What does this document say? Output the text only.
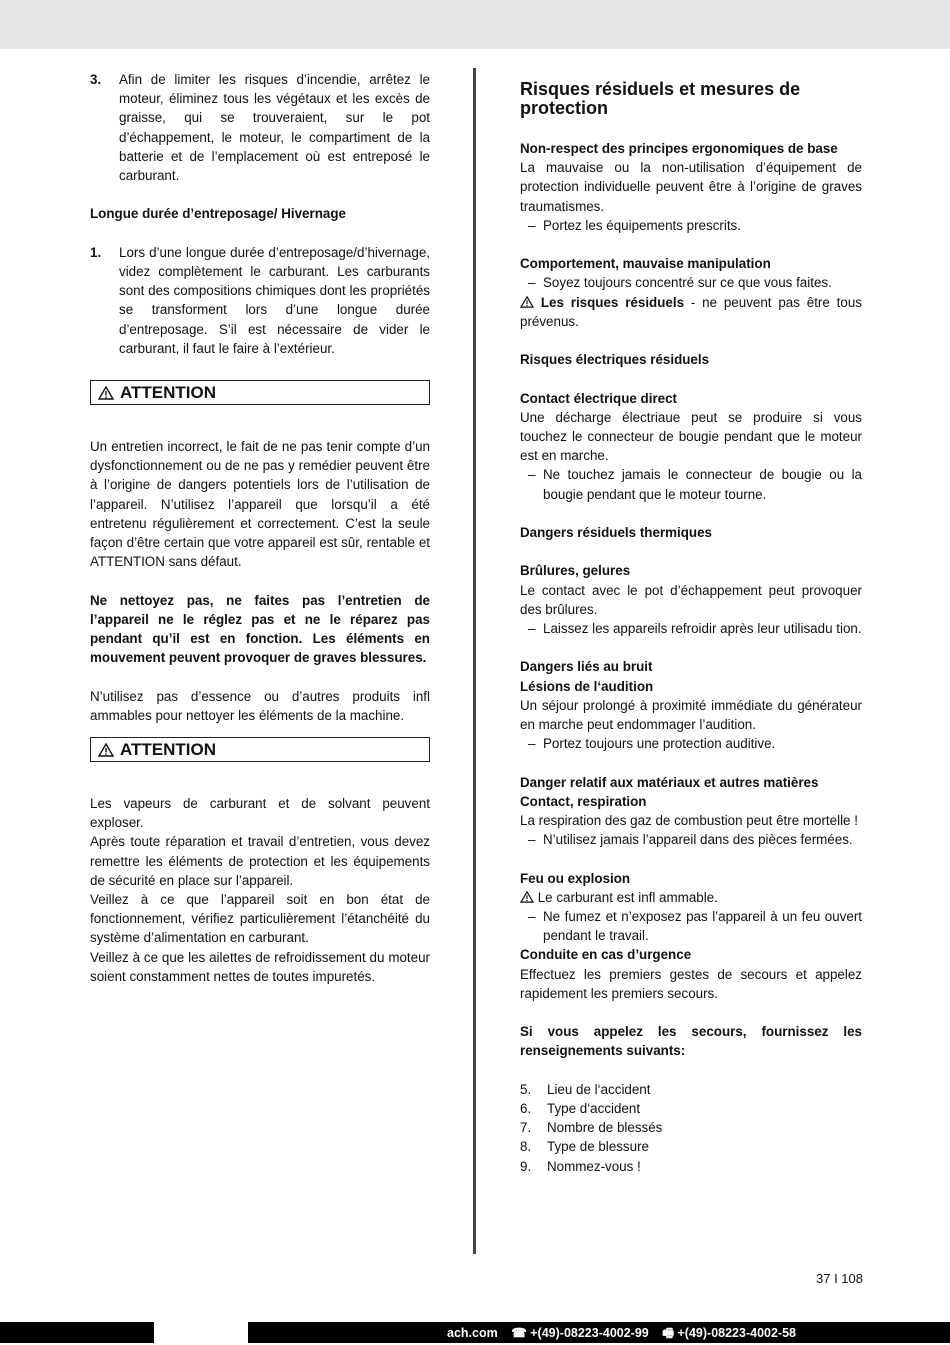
3. Afin de limiter les risques d’incendie, arrêtez le moteur, éliminez tous les végétaux et les excès de graisse, qui se trouveraient, sur le pot d’échappement, le moteur, le compartiment de la batterie et de l’emplacement où est entreposé le carburant.

Longue durée d’entreposage/ Hivernage

1. Lors d’une longue durée d’entreposage/d’hivernage, videz complètement le carburant. Les carburants sont des compositions chimiques dont les propriétés se transforment lors d’une longue durée d’entreposage. S’il est nécessaire de vider le carburant, il faut le faire à l’extérieur.
ATTENTION

Un entretien incorrect, le fait de ne pas tenir compte d’un dysfonctionnement ou de ne pas y remédier peuvent être à l’origine de dangers potentiels lors de l’utilisation de l’appareil. N’utilisez l’appareil que lorsqu’il a été entretenu régulièrement et correctement. C’est la seule façon d’être certain que votre appareil est sûr, rentable et ATTENTION sans défaut.

Ne nettoyez pas, ne faites pas l’entretien de l’appareil ne le réglez pas et ne le réparez pas pendant qu’il est en fonction. Les éléments en mouvement peuvent provoquer de graves blessures.

N’utilisez pas d’essence ou d’autres produits infl ammables pour nettoyer les éléments de la machine.

ATTENTION

Les vapeurs de carburant et de solvant peuvent exploser.

Après toute réparation et travail d’entretien, vous devez remettre les éléments de protection et les équipements de sécurité en place sur l’appareil.

Veillez à ce que l’appareil soit en bon état de fonctionnement, vérifiez particulièrement l’étanchéité du système d’alimentation en carburant.

Veillez à ce que les ailettes de refroidissement du moteur soient constamment nettes de toutes impuretés.

Risques résiduels et mesures de protection

Non-respect des principes ergonomiques de base

La mauvaise ou la non-utilisation d’équipement de protection individuelle peuvent être à l’origine de graves traumatismes.

– Portez les équipements prescrits.

Comportement, mauvaise manipulation

– Soyez toujours concentré sur ce que vous faites.

Les risques résiduels - ne peuvent pas être tous prévenus.

Risques électriques résiduels

Contact électrique direct

Une décharge électriaue peut se produire si vous touchez le connecteur de bougie pendant que le moteur est en marche.

– Ne touchez jamais le connecteur de bougie ou la bougie pendant que le moteur tourne.

Dangers résiduels thermiques

Brûlures, gelures

Le contact avec le pot d’échappement peut provoquer des brûlures.

– Laissez les appareils refroidir après leur utilisadu tion.

Dangers liés au bruit

Lésions de l‘audition

Un séjour prolongé à proximité immédiate du générateur en marche peut endommager l’audition.

– Portez toujours une protection auditive.

Danger relatif aux matériaux et autres matières

Contact, respiration

La respiration des gaz de combustion peut être mortelle !

– N’utilisez jamais l’appareil dans des pièces fermées.

Feu ou explosion

Le carburant est infl ammable.

– Ne fumez et n’exposez pas l’appareil à un feu ouvert pendant le travail.

Conduite en cas d’urgence

Effectuez les premiers gestes de secours et appelez rapidement les premiers secours.

Si vous appelez les secours, fournissez les renseignements suivants:

5. Lieu de l‘accident
6. Type d‘accident
7. Nombre de blessés
8. Type de blessure
9. Nommez-vous !
37 I 108
ach.com ☎ +(49)-08223-4002-99 🖷 +(49)-08223-4002-58
